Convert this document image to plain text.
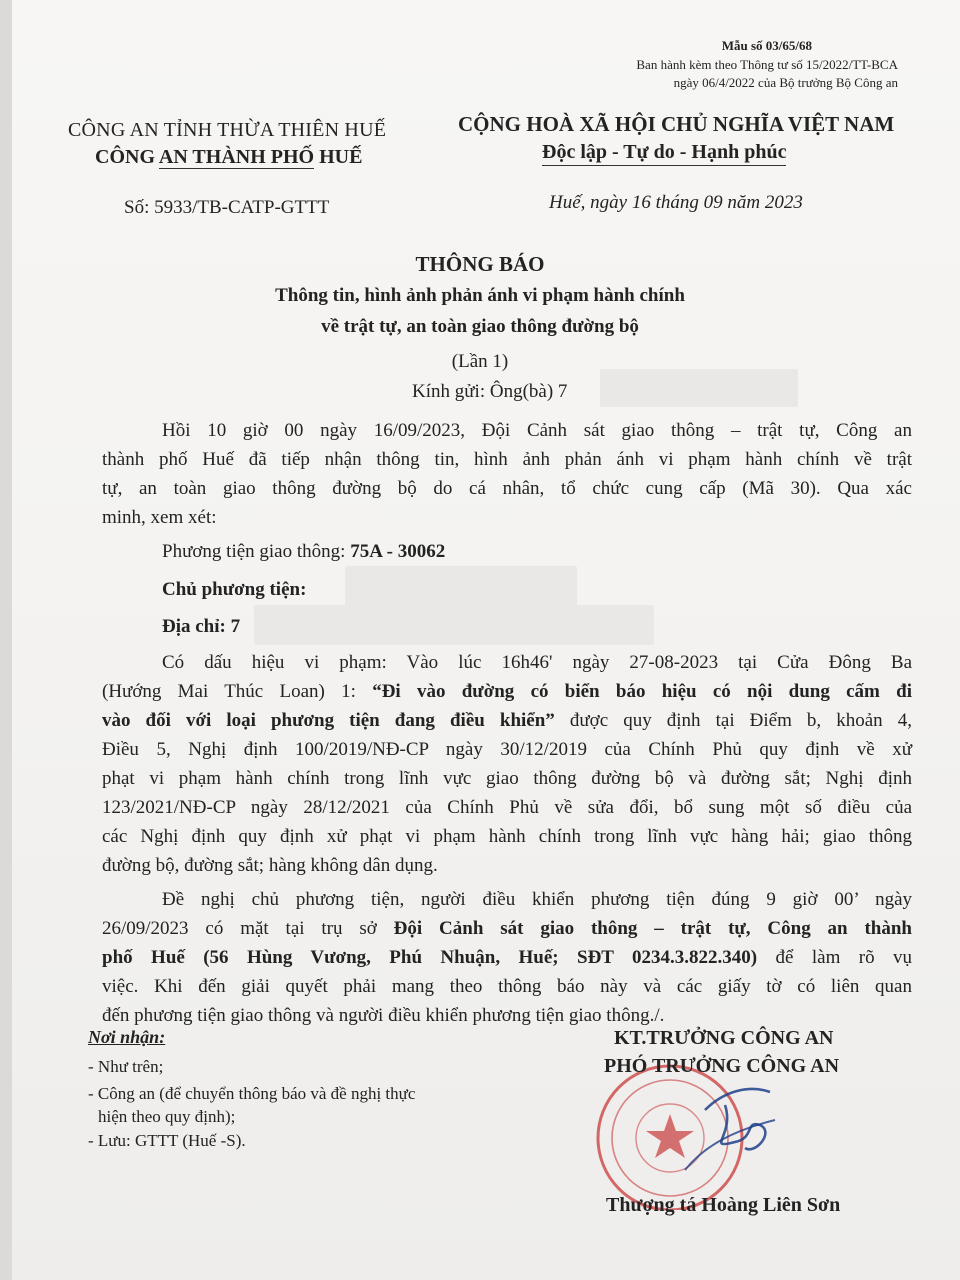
Mẫu số 03/65/68
Ban hành kèm theo Thông tư số 15/2022/TT-BCA
ngày 06/4/2022 của Bộ trưởng Bộ Công an
CÔNG AN TỈNH THỪA THIÊN HUẾ
CÔNG AN THÀNH PHỐ HUẾ
CỘNG HOÀ XÃ HỘI CHỦ NGHĨA VIỆT NAM
Độc lập - Tự do - Hạnh phúc
Số: 5933/TB-CATP-GTTT	Huế, ngày 16 tháng 09 năm 2023
THÔNG BÁO
Thông tin, hình ảnh phản ánh vi phạm hành chính
về trật tự, an toàn giao thông đường bộ
(Lần 1)
Kính gửi: Ông(bà) 7
Hồi 10 giờ 00 ngày 16/09/2023, Đội Cảnh sát giao thông – trật tự, Công an
thành phố Huế đã tiếp nhận thông tin, hình ảnh phản ánh vi phạm hành chính về trật
tự, an toàn giao thông đường bộ do cá nhân, tổ chức cung cấp (Mã 30). Qua xác
minh, xem xét:
Phương tiện giao thông: 75A - 30062
Chủ phương tiện:
Địa chỉ: 7
Có dấu hiệu vi phạm: Vào lúc 16h46' ngày 27-08-2023 tại Cửa Đông Ba
(Hướng Mai Thúc Loan) 1: “Đi vào đường có biển báo hiệu có nội dung cấm đi
vào đối với loại phương tiện đang điều khiển” được quy định tại Điểm b, khoản 4,
Điều 5, Nghị định 100/2019/NĐ-CP ngày 30/12/2019 của Chính Phủ quy định về xử
phạt vi phạm hành chính trong lĩnh vực giao thông đường bộ và đường sắt; Nghị định
123/2021/NĐ-CP ngày 28/12/2021 của Chính Phủ về sửa đổi, bổ sung một số điều của
các Nghị định quy định xử phạt vi phạm hành chính trong lĩnh vực hàng hải; giao thông
đường bộ, đường sắt; hàng không dân dụng.
Đề nghị chủ phương tiện, người điều khiển phương tiện đúng 9 giờ 00’ ngày
26/09/2023 có mặt tại trụ sở Đội Cảnh sát giao thông – trật tự, Công an thành
phố Huế (56 Hùng Vương, Phú Nhuận, Huế; SĐT 0234.3.822.340) để làm rõ vụ
việc. Khi đến giải quyết phải mang theo thông báo này và các giấy tờ có liên quan
đến phương tiện giao thông và người điều khiển phương tiện giao thông./.
Nơi nhận:
- Như trên;
- Công an (để chuyển thông báo và đề nghị thực
hiện theo quy định);
- Lưu: GTTT (Huế -S).
KT.TRƯỞNG CÔNG AN
PHÓ TRƯỞNG CÔNG AN
Thượng tá Hoàng Liên Sơn
